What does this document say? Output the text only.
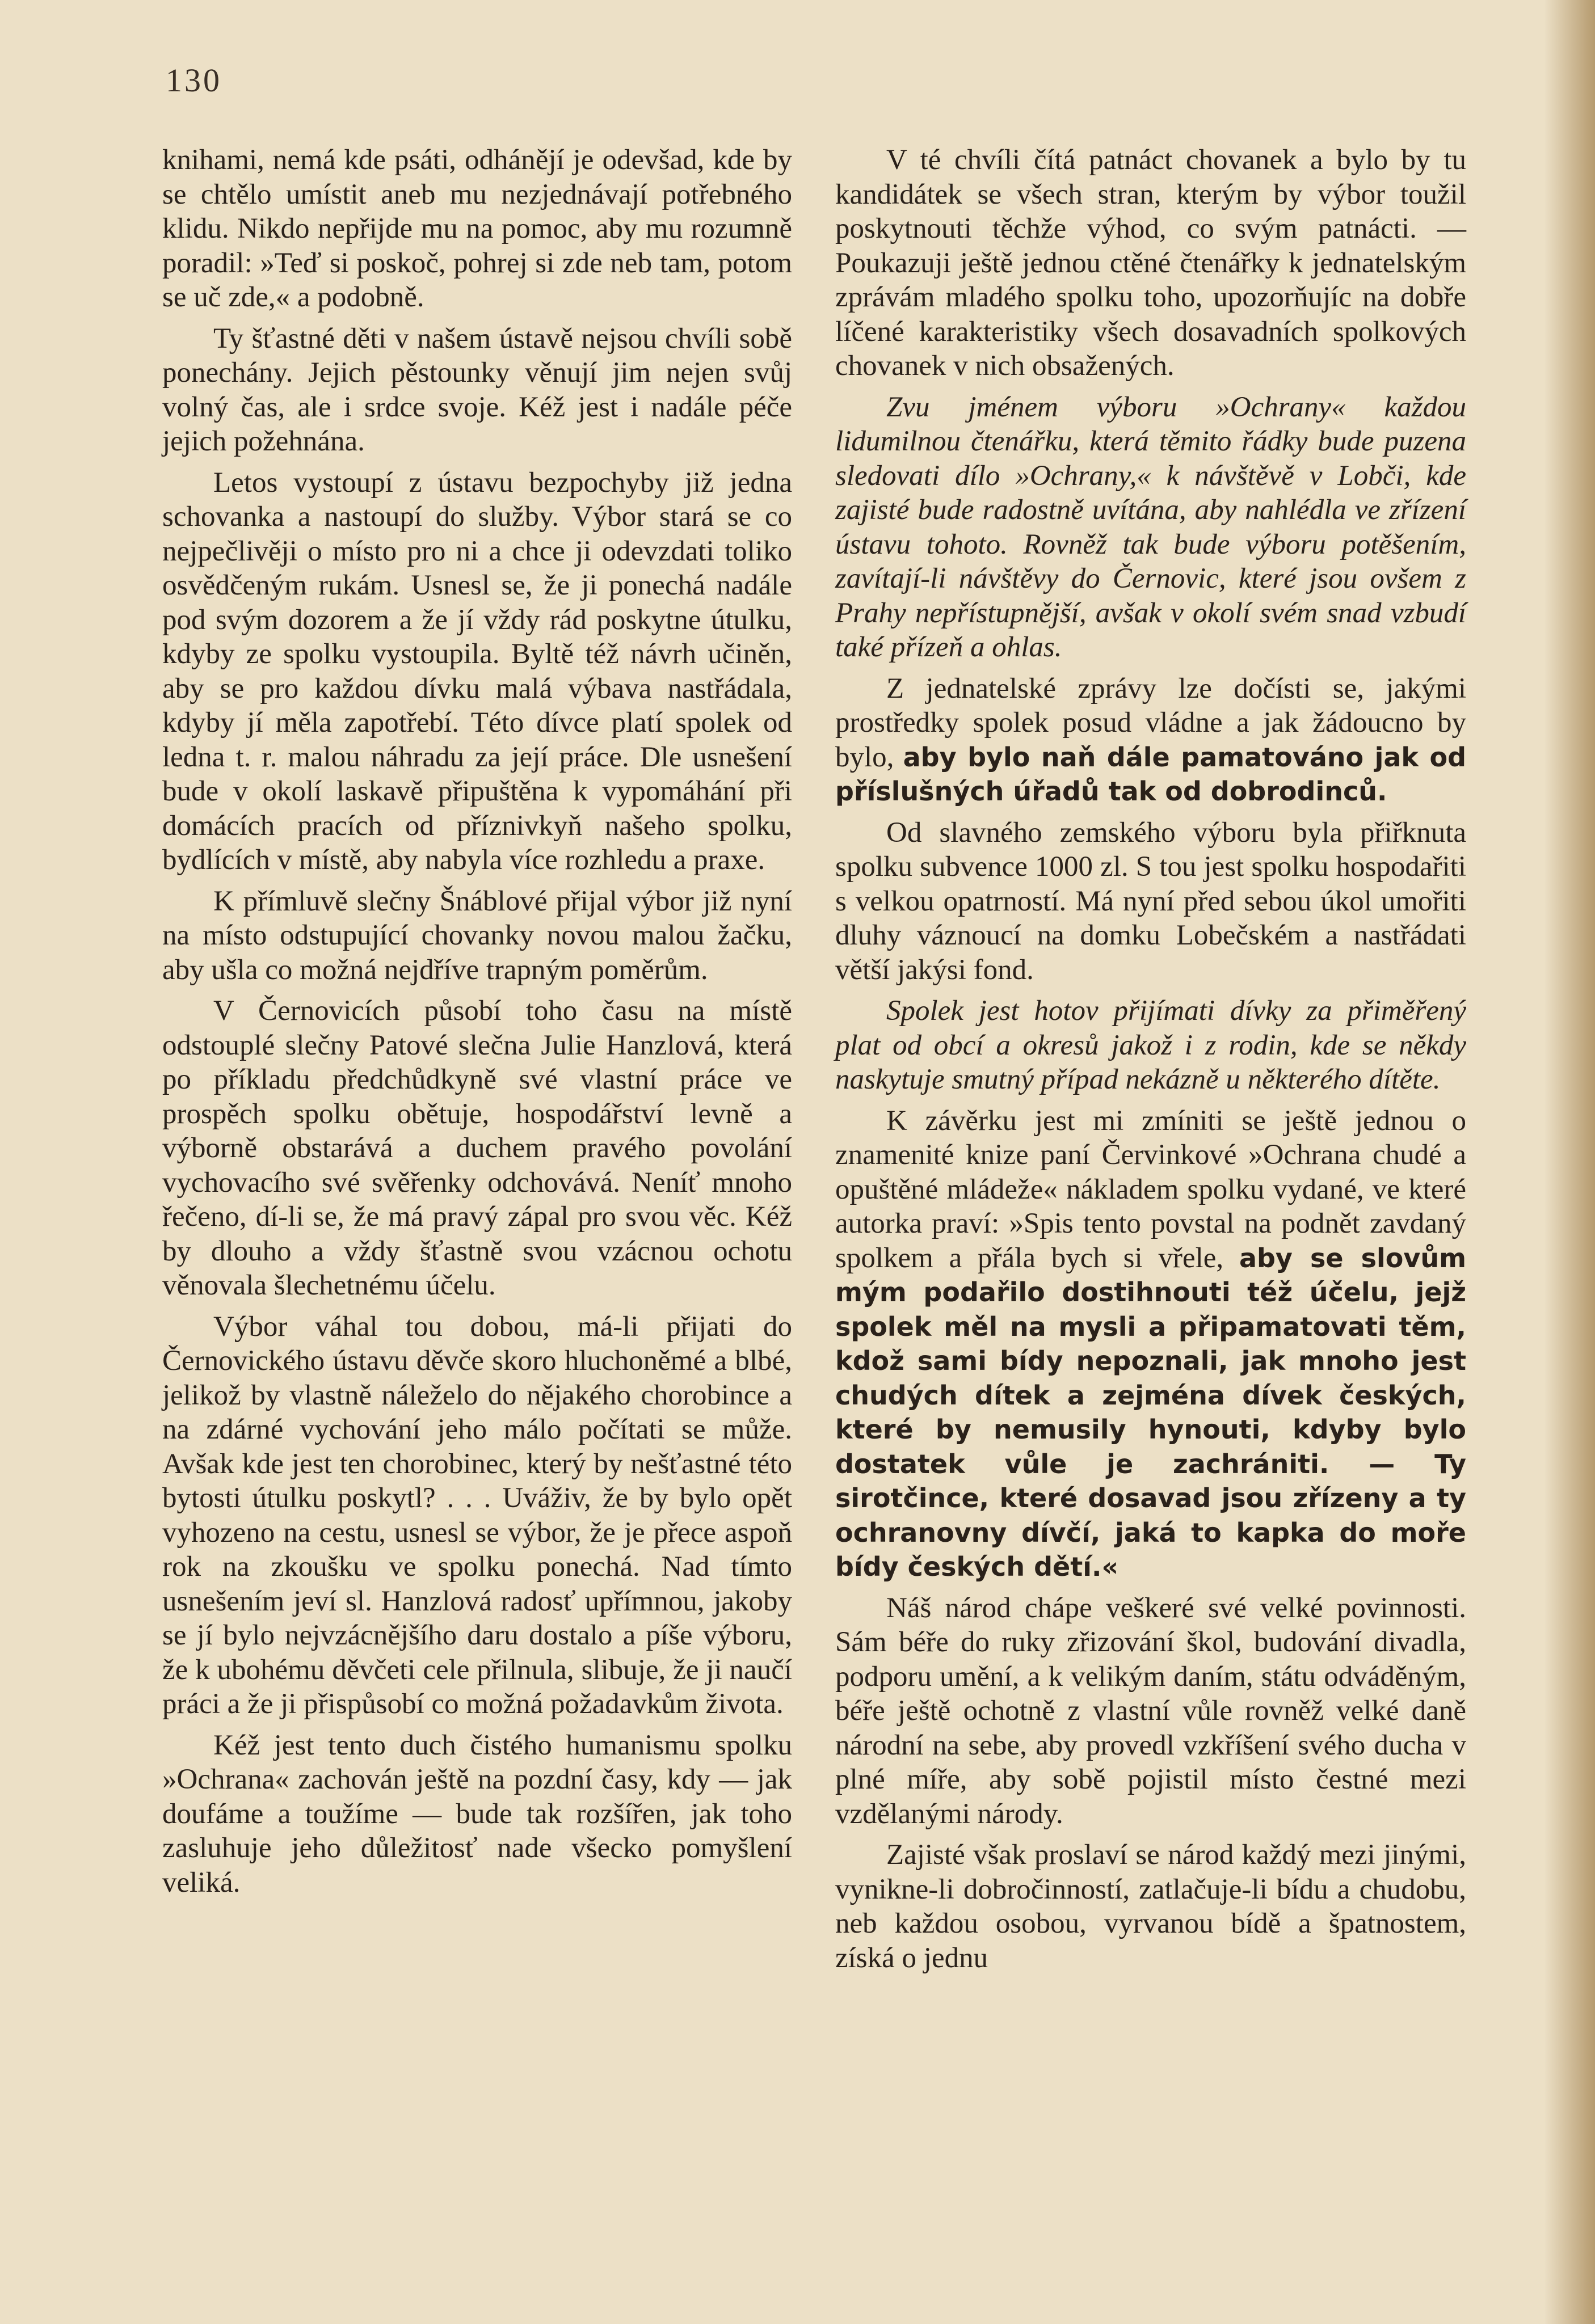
130

knihami, nemá kde psáti, odhánějí je odevšad, kde by se chtělo umístit aneb mu nezjednávají potřebného klidu. Nikdo nepřijde mu na pomoc, aby mu rozumně poradil: »Teď si poskoč, pohrej si zde neb tam, potom se uč zde,« a podobně.

Ty šťastné děti v našem ústavě nejsou chvíli sobě ponechány. Jejich pěstounky věnují jim nejen svůj volný čas, ale i srdce svoje. Kéž jest i nadále péče jejich požehnána.

Letos vystoupí z ústavu bezpochyby již jedna schovanka a nastoupí do služby. Výbor stará se co nejpečlivěji o místo pro ni a chce ji odevzdati toliko osvědčeným rukám. Usnesl se, že ji ponechá nadále pod svým dozorem a že jí vždy rád poskytne útulku, kdyby ze spolku vystoupila. Byltě též návrh učiněn, aby se pro každou dívku malá výbava nastřádala, kdyby jí měla zapotřebí. Této dívce platí spolek od ledna t. r. malou náhradu za její práce. Dle usnešení bude v okolí laskavě připuštěna k vypomáhání při domácích pracích od příznivkyň našeho spolku, bydlících v místě, aby nabyla více rozhledu a praxe.

K přímluvě slečny Šnáblové přijal výbor již nyní na místo odstupující chovanky novou malou žačku, aby ušla co možná nejdříve trapným poměrům.

V Černovicích působí toho času na místě odstouplé slečny Patové slečna Julie Hanzlová, která po příkladu předchůdkyně své vlastní práce ve prospěch spolku obětuje, hospodářství levně a výborně obstarává a duchem pravého povolání vychovacího své svěřenky odchovává. Neníť mnoho řečeno, dí-li se, že má pravý zápal pro svou věc. Kéž by dlouho a vždy šťastně svou vzácnou ochotu věnovala šlechetnému účelu.

Výbor váhal tou dobou, má-li přijati do Černovického ústavu děvče skoro hluchoněmé a blbé, jelikož by vlastně náleželo do nějakého chorobince a na zdárné vychování jeho málo počítati se může. Avšak kde jest ten chorobinec, který by nešťastné této bytosti útulku poskytl? . . . Uváživ, že by bylo opět vyhozeno na cestu, usnesl se výbor, že je přece aspoň rok na zkoušku ve spolku ponechá. Nad tímto usnešením jeví sl. Hanzlová radosť upřímnou, jakoby se jí bylo nejvzácnějšího daru dostalo a píše výboru, že k ubohému děvčeti cele přilnula, slibuje, že ji naučí práci a že ji přispůsobí co možná požadavkům života.

Kéž jest tento duch čistého humanismu spolku »Ochrana« zachován ještě na pozdní časy, kdy — jak doufáme a toužíme — bude tak rozšířen, jak toho zasluhuje jeho důležitosť nade všecko pomyšlení veliká.

V té chvíli čítá patnáct chovanek a bylo by tu kandidátek se všech stran, kterým by výbor toužil poskytnouti těchže výhod, co svým patnácti. — Poukazuji ještě jednou ctěné čtenářky k jednatelským zprávám mladého spolku toho, upozorňujíc na dobře líčené karakteristiky všech dosavadních spolkových chovanek v nich obsažených.

Zvu jménem výboru »Ochrany« každou lidumilnou čtenářku, která těmito řádky bude puzena sledovati dílo »Ochrany,« k návštěvě v Lobči, kde zajisté bude radostně uvítána, aby nahlédla ve zřízení ústavu tohoto. Rovněž tak bude výboru potěšením, zavítají-li návštěvy do Černovic, které jsou ovšem z Prahy nepřístupnější, avšak v okolí svém snad vzbudí také přízeň a ohlas.

Z jednatelské zprávy lze dočísti se, jakými prostředky spolek posud vládne a jak žádoucno by bylo, aby bylo naň dále pamatováno jak od příslušných úřadů tak od dobrodinců.

Od slavného zemského výboru byla přiřknuta spolku subvence 1000 zl. S tou jest spolku hospodařiti s velkou opatrností. Má nyní před sebou úkol umořiti dluhy váznoucí na domku Lobečském a nastřádati větší jakýsi fond.

Spolek jest hotov přijímati dívky za přiměřený plat od obcí a okresů jakož i z rodin, kde se někdy naskytuje smutný případ nekázně u některého dítěte.

K závěrku jest mi zmíniti se ještě jednou o znamenité knize paní Červinkové »Ochrana chudé a opuštěné mládeže« nákladem spolku vydané, ve které autorka praví: »Spis tento povstal na podnět zavdaný spolkem a přála bych si vřele, aby se slovům mým podařilo dostihnouti též účelu, jejž spolek měl na mysli a připamatovati těm, kdož sami bídy nepoznali, jak mnoho jest chudých dítek a zejména dívek českých, které by nemusily hynouti, kdyby bylo dostatek vůle je zachrániti. — Ty sirotčince, které dosavad jsou zřízeny a ty ochranovny dívčí, jaká to kapka do moře bídy českých dětí.«

Náš národ chápe veškeré své velké povinnosti. Sám béře do ruky zřizování škol, budování divadla, podporu umění, a k velikým daním, státu odváděným, béře ještě ochotně z vlastní vůle rovněž velké daně národní na sebe, aby provedl vzkříšení svého ducha v plné míře, aby sobě pojistil místo čestné mezi vzdělanými národy.

Zajisté však proslaví se národ každý mezi jinými, vynikne-li dobročinností, zatlačuje-li bídu a chudobu, neb každou osobou, vyrvanou bídě a špatnostem, získá o jednu
